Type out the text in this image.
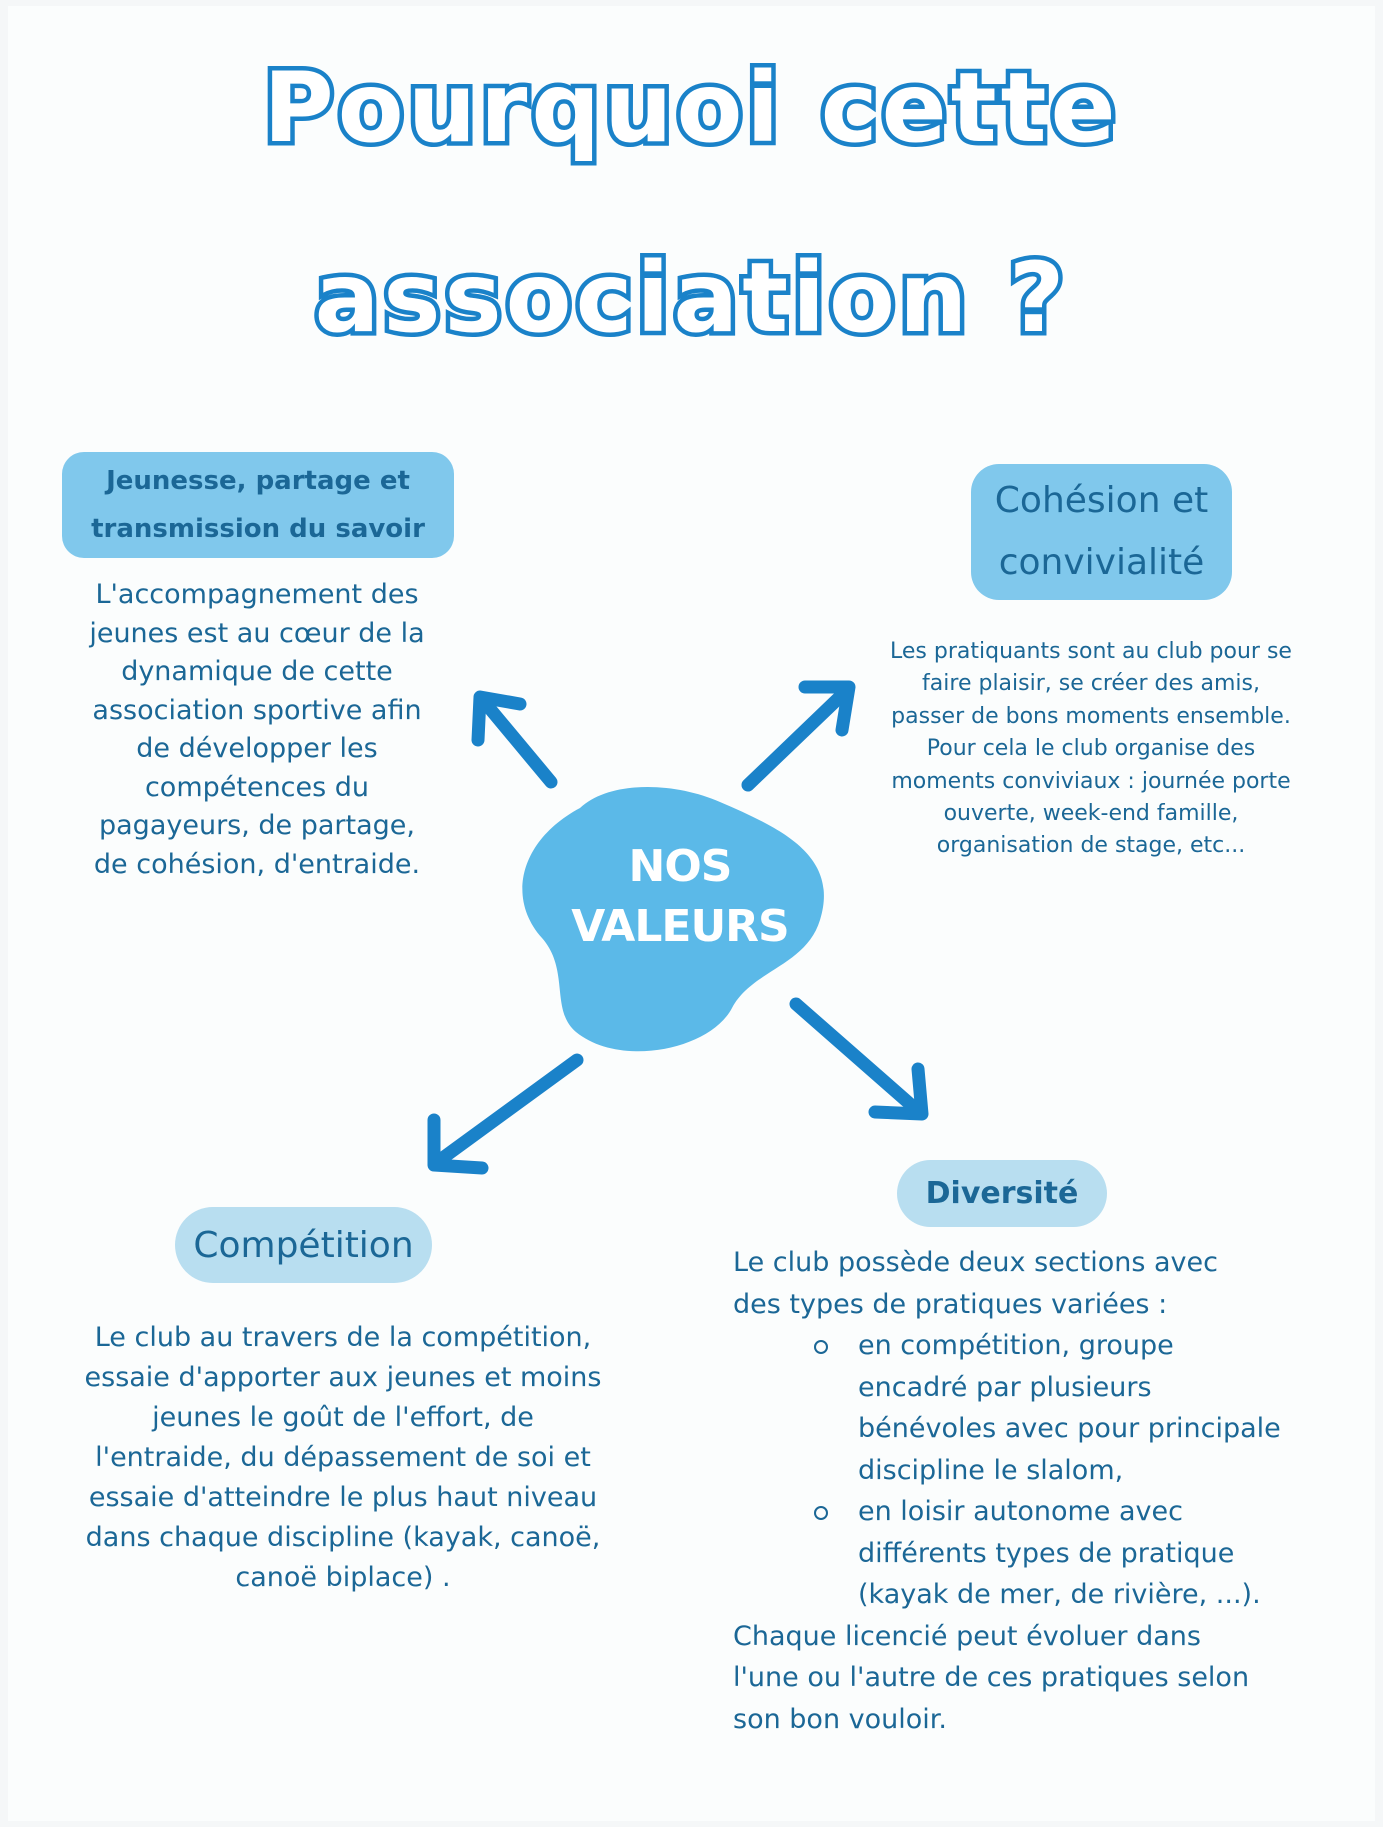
Pourquoi cette
association ?
NOS
VALEURS
Jeunesse, partage et
transmission du savoir
L'accompagnement des
jeunes est au cœur de la
dynamique de cette
association sportive afin
de développer les
compétences du
pagayeurs, de partage,
de cohésion, d'entraide.
Cohésion et
convivialité
Les pratiquants sont au club pour se
faire plaisir, se créer des amis,
passer de bons moments ensemble.
Pour cela le club organise des
moments conviviaux : journée porte
ouverte, week-end famille,
organisation de stage, etc...
Compétition
Le club au travers de la compétition,
essaie d'apporter aux jeunes et moins
jeunes le goût de l'effort, de
l'entraide, du dépassement de soi et
essaie d'atteindre le plus haut niveau
dans chaque discipline (kayak, canoë,
canoë biplace) .
Diversité

Le club possède deux sections avec

des types de pratiques variées :

en compétition, groupe
encadré par plusieurs
bénévoles avec pour principale
discipline le slalom,
en loisir autonome avec
différents types de pratique
(kayak de mer, de rivière, ...).

Chaque licencié peut évoluer dans

l'une ou l'autre de ces pratiques selon

son bon vouloir.
